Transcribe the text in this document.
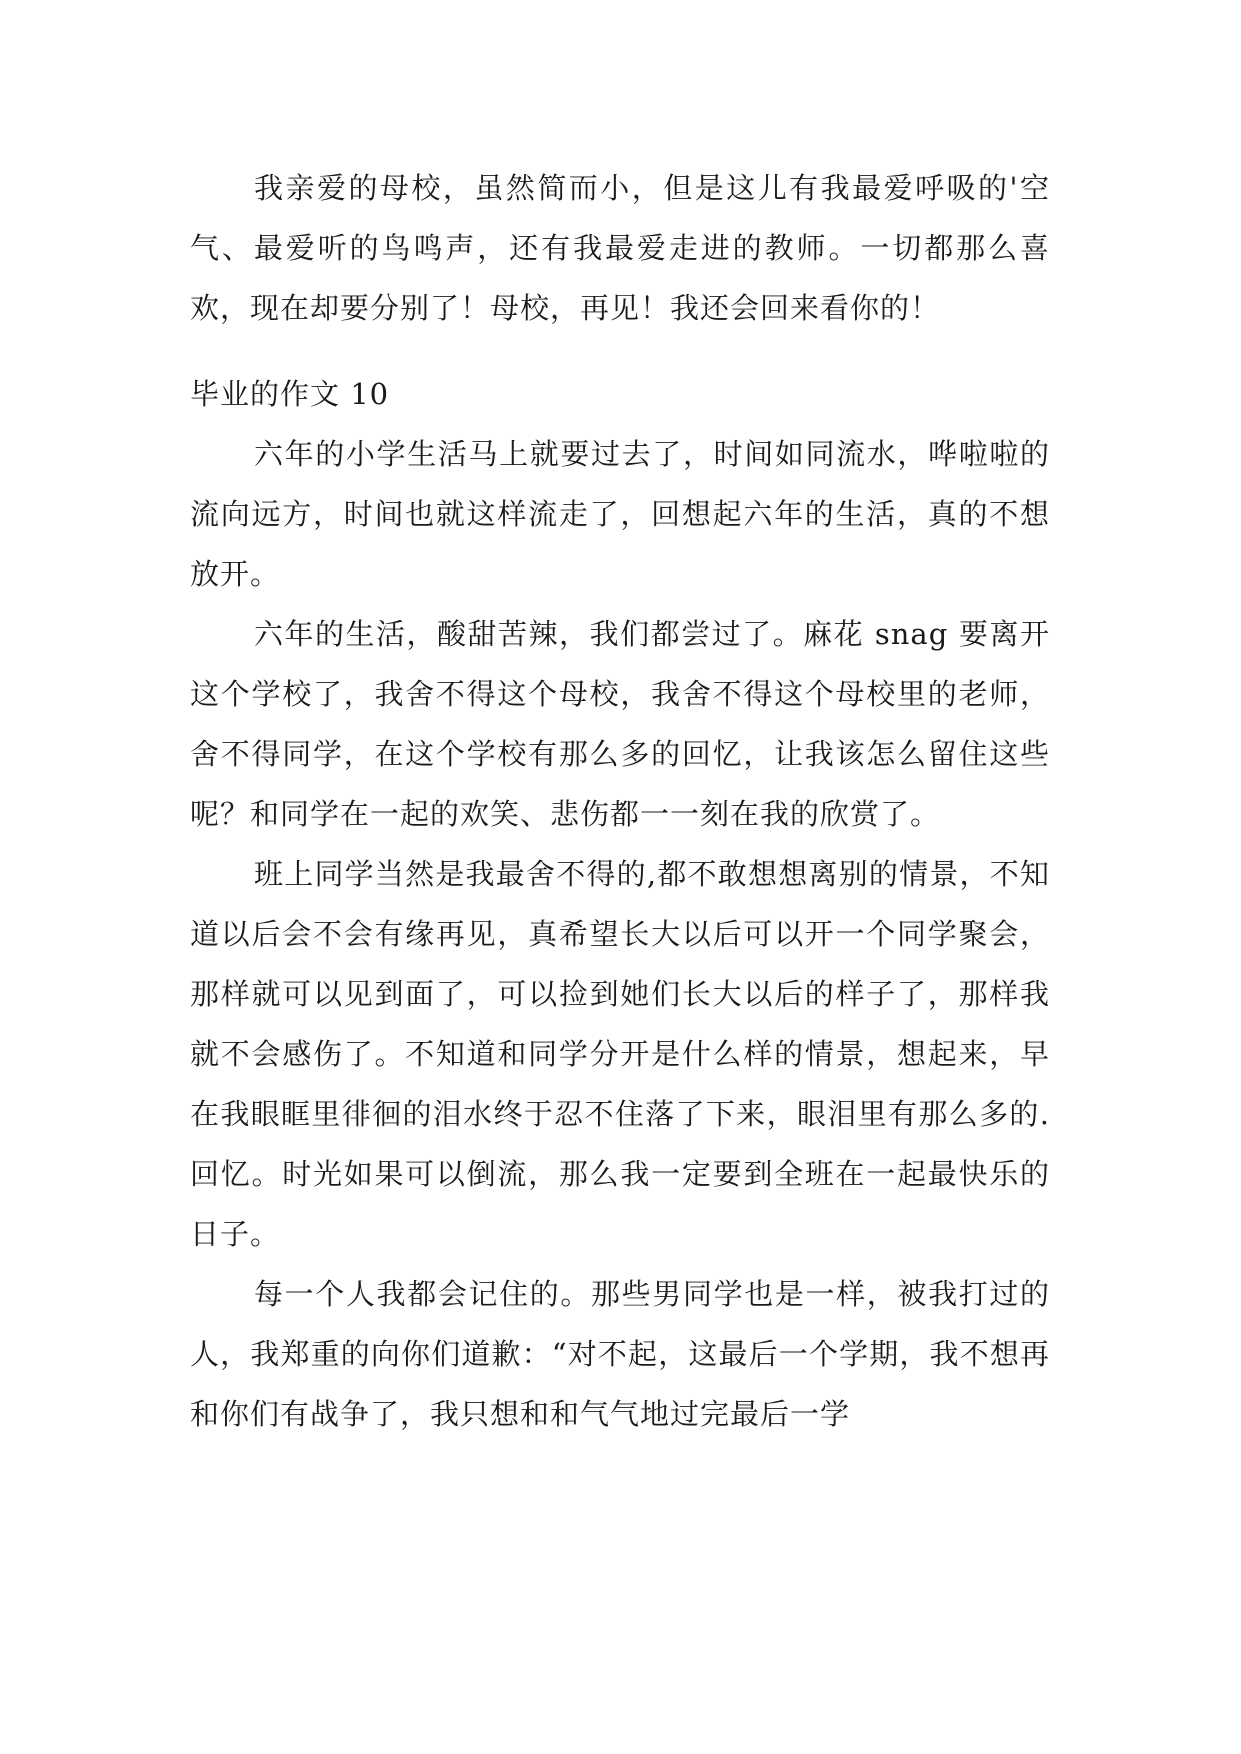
我亲爱的母校，虽然简而小，但是这儿有我最爱呼吸的'空气、最爱听的鸟鸣声，还有我最爱走进的教师。一切都那么喜欢，现在却要分别了！母校，再见！我还会回来看你的！

毕业的作文 10

六年的小学生活马上就要过去了，时间如同流水，哗啦啦的流向远方，时间也就这样流走了，回想起六年的生活，真的不想放开。

六年的生活，酸甜苦辣，我们都尝过了。麻花 snag 要离开这个学校了，我舍不得这个母校，我舍不得这个母校里的老师，舍不得同学，在这个学校有那么多的回忆，让我该怎么留住这些呢？和同学在一起的欢笑、悲伤都一一刻在我的欣赏了。

班上同学当然是我最舍不得的,都不敢想想离别的情景，不知道以后会不会有缘再见，真希望长大以后可以开一个同学聚会，那样就可以见到面了，可以捡到她们长大以后的样子了，那样我就不会感伤了。不知道和同学分开是什么样的情景，想起来，早在我眼眶里徘徊的泪水终于忍不住落了下来，眼泪里有那么多的.回忆。时光如果可以倒流，那么我一定要到全班在一起最快乐的日子。

每一个人我都会记住的。那些男同学也是一样，被我打过的人，我郑重的向你们道歉：“对不起，这最后一个学期，我不想再和你们有战争了，我只想和和气气地过完最后一学
